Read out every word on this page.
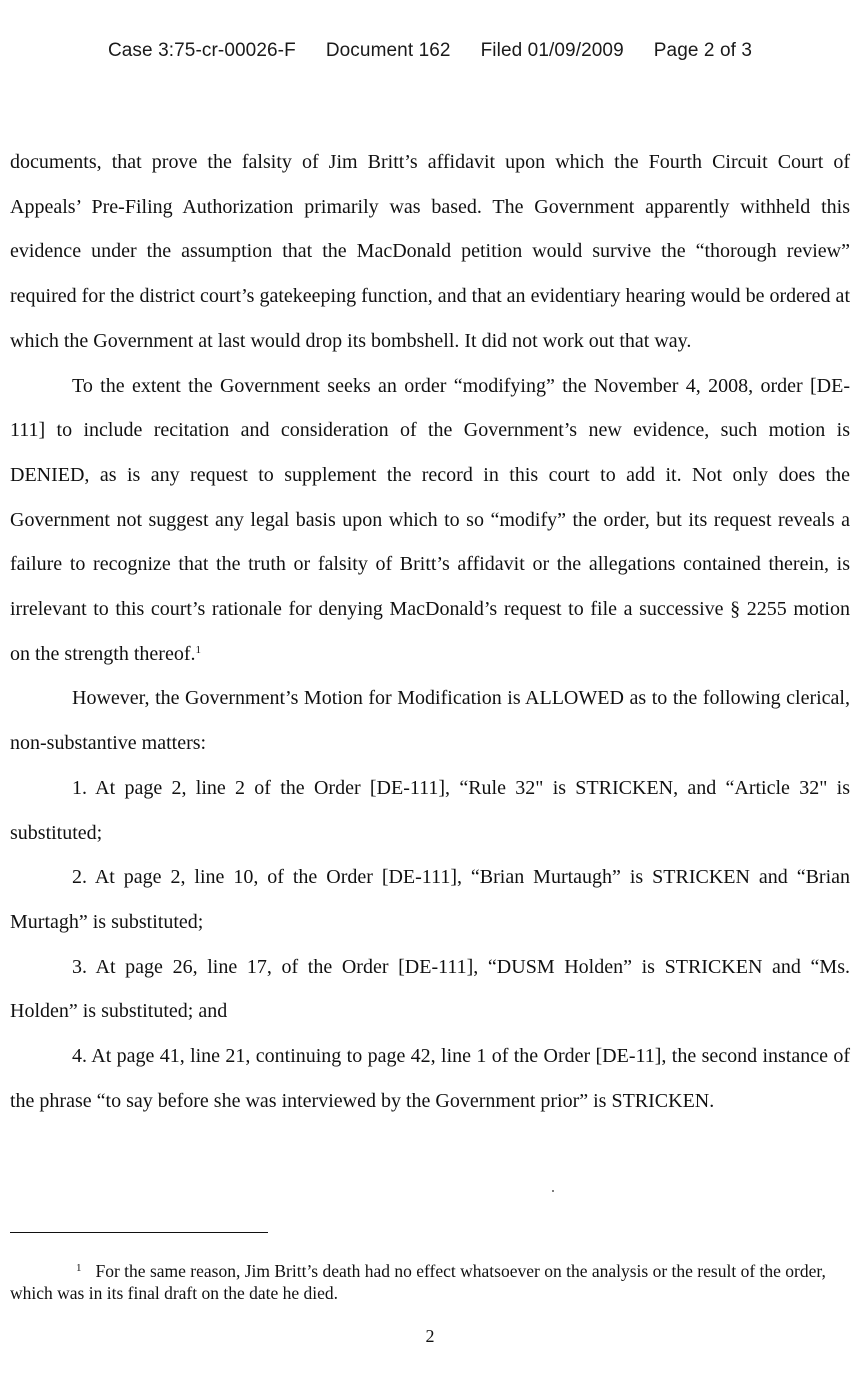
Case 3:75-cr-00026-F Document 162 Filed 01/09/2009 Page 2 of 3

documents, that prove the falsity of Jim Britt’s affidavit upon which the Fourth Circuit Court of Appeals’ Pre-Filing Authorization primarily was based. The Government apparently withheld this evidence under the assumption that the MacDonald petition would survive the “thorough review” required for the district court’s gatekeeping function, and that an evidentiary hearing would be ordered at which the Government at last would drop its bombshell. It did not work out that way.

To the extent the Government seeks an order “modifying” the November 4, 2008, order [DE-111] to include recitation and consideration of the Government’s new evidence, such motion is DENIED, as is any request to supplement the record in this court to add it. Not only does the Government not suggest any legal basis upon which to so “modify” the order, but its request reveals a failure to recognize that the truth or falsity of Britt’s affidavit or the allegations contained therein, is irrelevant to this court’s rationale for denying MacDonald’s request to file a successive § 2255 motion on the strength thereof.$^1$

However, the Government’s Motion for Modification is ALLOWED as to the following clerical, non-substantive matters:

1. At page 2, line 2 of the Order [DE-111], “Rule 32" is STRICKEN, and “Article 32" is substituted;

2. At page 2, line 10, of the Order [DE-111], “Brian Murtaugh” is STRICKEN and “Brian Murtagh” is substituted;

3. At page 26, line 17, of the Order [DE-111], “DUSM Holden” is STRICKEN and “Ms. Holden” is substituted; and

4. At page 41, line 21, continuing to page 42, line 1 of the Order [DE-11], the second instance of the phrase “to say before she was interviewed by the Government prior” is STRICKEN.

$^1$ For the same reason, Jim Britt’s death had no effect whatsoever on the analysis or the result of the order, which was in its final draft on the date he died.
2
